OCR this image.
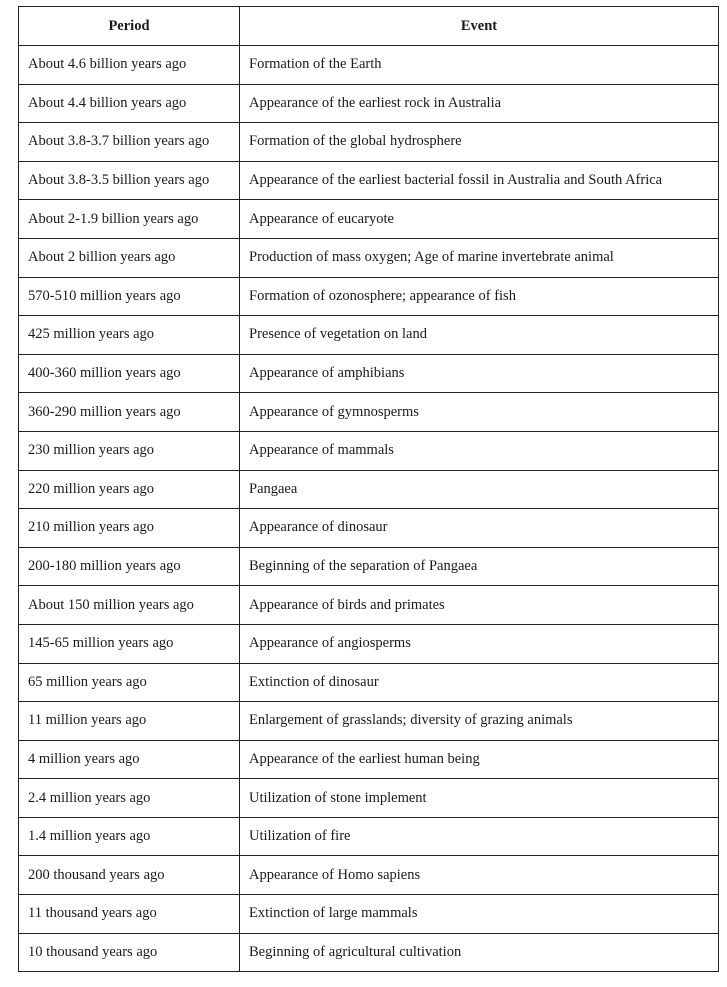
Period	Event
About 4.6 billion years ago	Formation of the Earth
About 4.4 billion years ago	Appearance of the earliest rock in Australia
About 3.8-3.7 billion years ago	Formation of the global hydrosphere
About 3.8-3.5 billion years ago	Appearance of the earliest bacterial fossil in Australia and South Africa
About 2-1.9 billion years ago	Appearance of eucaryote
About 2 billion years ago	Production of mass oxygen; Age of marine invertebrate animal
570-510 million years ago	Formation of ozonosphere; appearance of fish
425 million years ago	Presence of vegetation on land
400-360 million years ago	Appearance of amphibians
360-290 million years ago	Appearance of gymnosperms
230 million years ago	Appearance of mammals
220 million years ago	Pangaea
210 million years ago	Appearance of dinosaur
200-180 million years ago	Beginning of the separation of Pangaea
About 150 million years ago	Appearance of birds and primates
145-65 million years ago	Appearance of angiosperms
65 million years ago	Extinction of dinosaur
11 million years ago	Enlargement of grasslands; diversity of grazing animals
4 million years ago	Appearance of the earliest human being
2.4 million years ago	Utilization of stone implement
1.4 million years ago	Utilization of fire
200 thousand years ago	Appearance of Homo sapiens
11 thousand years ago	Extinction of large mammals
10 thousand years ago	Beginning of agricultural cultivation
